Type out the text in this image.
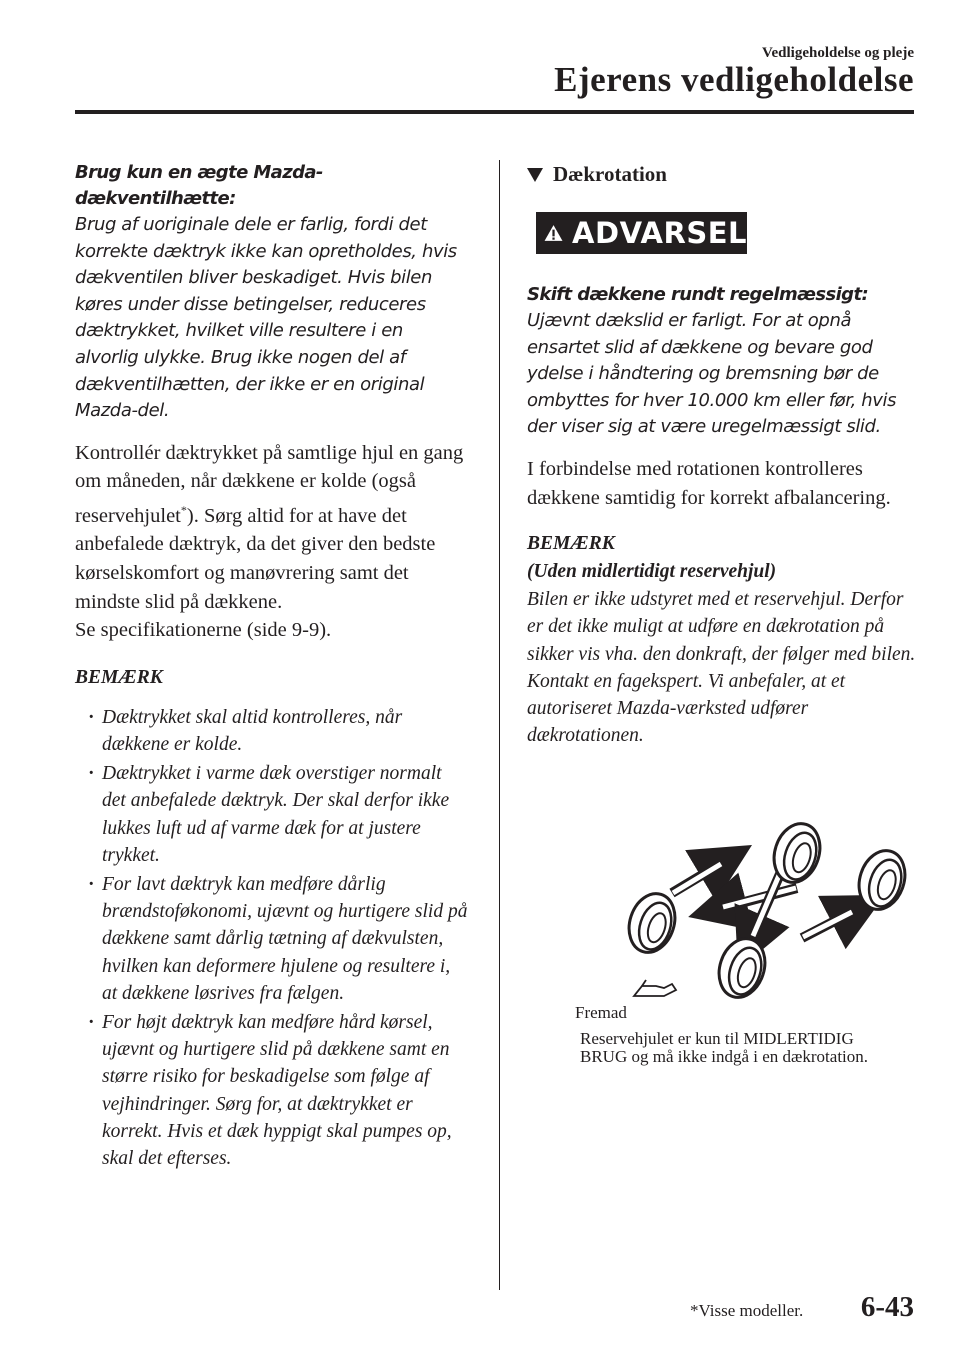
Vedligeholdelse og pleje
Ejerens vedligeholdelse
Brug kun en ægte Mazda-dækventilhætte:
Brug af uoriginale dele er farlig, fordi det korrekte dæktryk ikke kan opretholdes, hvis dækventilen bliver beskadiget. Hvis bilen køres under disse betingelser, reduceres dæktrykket, hvilket ville resultere i en alvorlig ulykke. Brug ikke nogen del af dækventilhætten, der ikke er en original Mazda-del.

Kontrollér dæktrykket på samtlige hjul en gang om måneden, når dækkene er kolde (også reservehjulet*). Sørg altid for at have det anbefalede dæktryk, da det giver den bedste kørselskomfort og manøvrering samt det mindste slid på dækkene.
Se specifikationerne (side 9-9).

BEMÆRK
· Dæktrykket skal altid kontrolleres, når dækkene er kolde.
· Dæktrykket i varme dæk overstiger normalt det anbefalede dæktryk. Der skal derfor ikke lukkes luft ud af varme dæk for at justere trykket.
· For lavt dæktryk kan medføre dårlig brændstoføkonomi, ujævnt og hurtigere slid på dækkene samt dårlig tætning af dækvulsten, hvilken kan deformere hjulene og resultere i, at dækkene løsrives fra fælgen.
· For højt dæktryk kan medføre hård kørsel, ujævnt og hurtigere slid på dækkene samt en større risiko for beskadigelse som følge af vejhindringer. Sørg for, at dæktrykket er korrekt. Hvis et dæk hyppigt skal pumpes op, skal det efterses.
Dækrotation
ADVARSEL
Skift dækkene rundt regelmæssigt:
Ujævnt dækslid er farligt. For at opnå ensartet slid af dækkene og bevare god ydelse i håndtering og bremsning bør de ombyttes for hver 10.000 km eller før, hvis der viser sig at være uregelmæssigt slid.

I forbindelse med rotationen kontrolleres dækkene samtidig for korrekt afbalancering.

BEMÆRK
(Uden midlertidigt reservehjul)
Bilen er ikke udstyret med et reservehjul. Derfor er det ikke muligt at udføre en dækrotation på sikker vis vha. den donkraft, der følger med bilen. Kontakt en fagekspert. Vi anbefaler, at et autoriseret Mazda-værksted udfører dækrotationen.
Fremad
Reservehjulet er kun til MIDLERTIDIG BRUG og må ikke indgå i en dækrotation.
*Visse modeller. 6-43
